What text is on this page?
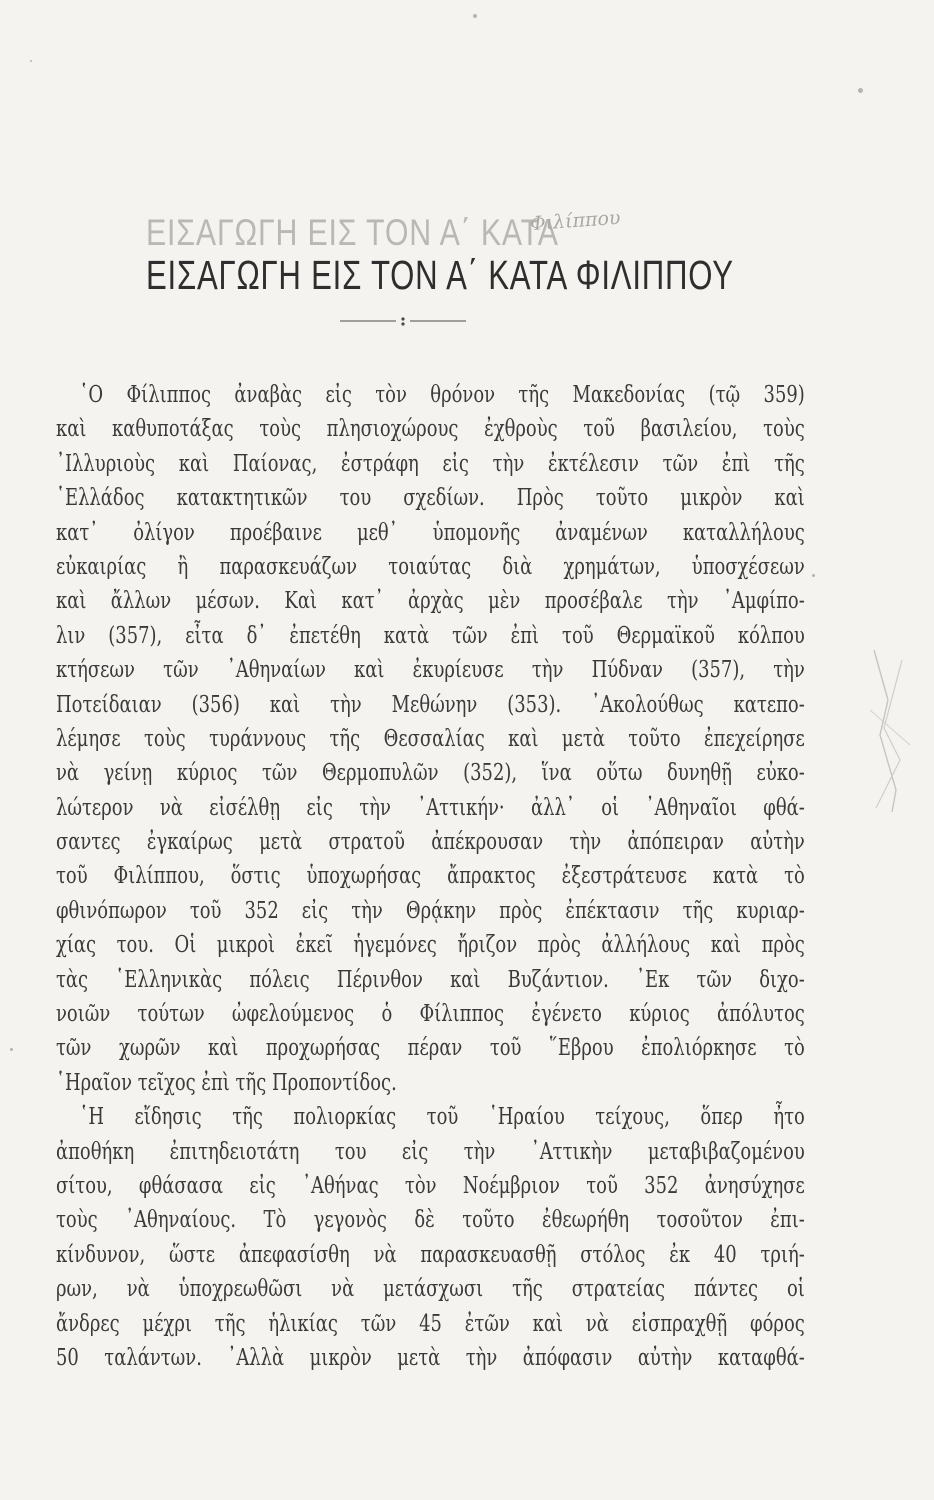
ΕΙΣΑΓΩΓΗ ΕΙΣ ΤΟΝ Α΄ ΚΑΤΑ
Φιλίππου
ΕΙΣΑΓΩΓΗ ΕΙΣ ΤΟΝ Α΄ ΚΑΤΑ ΦΙΛΙΠΠΟΥ
῾Ο Φίλιππος ἀναβὰς εἰς τὸν θρόνον τῆς Μακεδονίας (τῷ 359)
καὶ καθυποτάξας τοὺς πλησιοχώρους ἐχθροὺς τοῦ βασιλείου, τοὺς
᾿Ιλλυριοὺς καὶ Παίονας, ἐστράφη εἰς τὴν ἐκτέλεσιν τῶν ἐπὶ τῆς
῾Ελλάδος κατακτητικῶν του σχεδίων. Πρὸς τοῦτο μικρὸν καὶ
κατ᾿ ὀλίγον προέβαινε μεθ᾿ ὑπομονῆς ἀναμένων καταλλήλους
εὐκαιρίας ἢ παρασκευάζων τοιαύτας διὰ χρημάτων, ὑποσχέσεων
καὶ ἄλλων μέσων. Καὶ κατ᾿ ἀρχὰς μὲν προσέβαλε τὴν ᾿Αμφίπο-
λιν (357), εἶτα δ᾿ ἐπετέθη κατὰ τῶν ἐπὶ τοῦ Θερμαϊκοῦ κόλπου
κτήσεων τῶν ᾿Αθηναίων καὶ ἐκυρίευσε τὴν Πύδναν (357), τὴν
Ποτείδαιαν (356) καὶ τὴν Μεθώνην (353). ᾿Ακολούθως κατεπο-
λέμησε τοὺς τυράννους τῆς Θεσσαλίας καὶ μετὰ τοῦτο ἐπεχείρησε
νὰ γείνῃ κύριος τῶν Θερμοπυλῶν (352), ἵνα οὕτω δυνηθῇ εὐκο-
λώτερον νὰ εἰσέλθῃ εἰς τὴν ᾿Αττικήν· ἀλλ᾿ οἱ ᾿Αθηναῖοι φθά-
σαντες ἐγκαίρως μετὰ στρατοῦ ἀπέκρουσαν τὴν ἀπόπειραν αὐτὴν
τοῦ Φιλίππου, ὅστις ὑποχωρήσας ἄπρακτος ἐξεστράτευσε κατὰ τὸ
φθινόπωρον τοῦ 352 εἰς τὴν Θρᾴκην πρὸς ἐπέκτασιν τῆς κυριαρ-
χίας του. Οἱ μικροὶ ἐκεῖ ἡγεμόνες ἤριζον πρὸς ἀλλήλους καὶ πρὸς
τὰς ῾Ελληνικὰς πόλεις Πέρινθον καὶ Βυζάντιον. ᾿Εκ τῶν διχο-
νοιῶν τούτων ὠφελούμενος ὁ Φίλιππος ἐγένετο κύριος ἀπόλυτος
τῶν χωρῶν καὶ προχωρήσας πέραν τοῦ ῞Εβρου ἐπολιόρκησε τὸ
῾Ηραῖον τεῖχος ἐπὶ τῆς Προποντίδος.
῾Η εἴδησις τῆς πολιορκίας τοῦ ῾Ηραίου τείχους, ὅπερ ἦτο
ἀποθήκη ἐπιτηδειοτάτη του εἰς τὴν ᾿Αττικὴν μεταβιβαζομένου
σίτου, φθάσασα εἰς ᾿Αθήνας τὸν Νοέμβριον τοῦ 352 ἀνησύχησε
τοὺς ᾿Αθηναίους. Τὸ γεγονὸς δὲ τοῦτο ἐθεωρήθη τοσοῦτον ἐπι-
κίνδυνον, ὥστε ἀπεφασίσθη νὰ παρασκευασθῇ στόλος ἐκ 40 τριή-
ρων, νὰ ὑποχρεωθῶσι νὰ μετάσχωσι τῆς στρατείας πάντες οἱ
ἄνδρες μέχρι τῆς ἡλικίας τῶν 45 ἐτῶν καὶ νὰ εἰσπραχθῇ φόρος
50 ταλάντων. ᾿Αλλὰ μικρὸν μετὰ τὴν ἀπόφασιν αὐτὴν καταφθά-
